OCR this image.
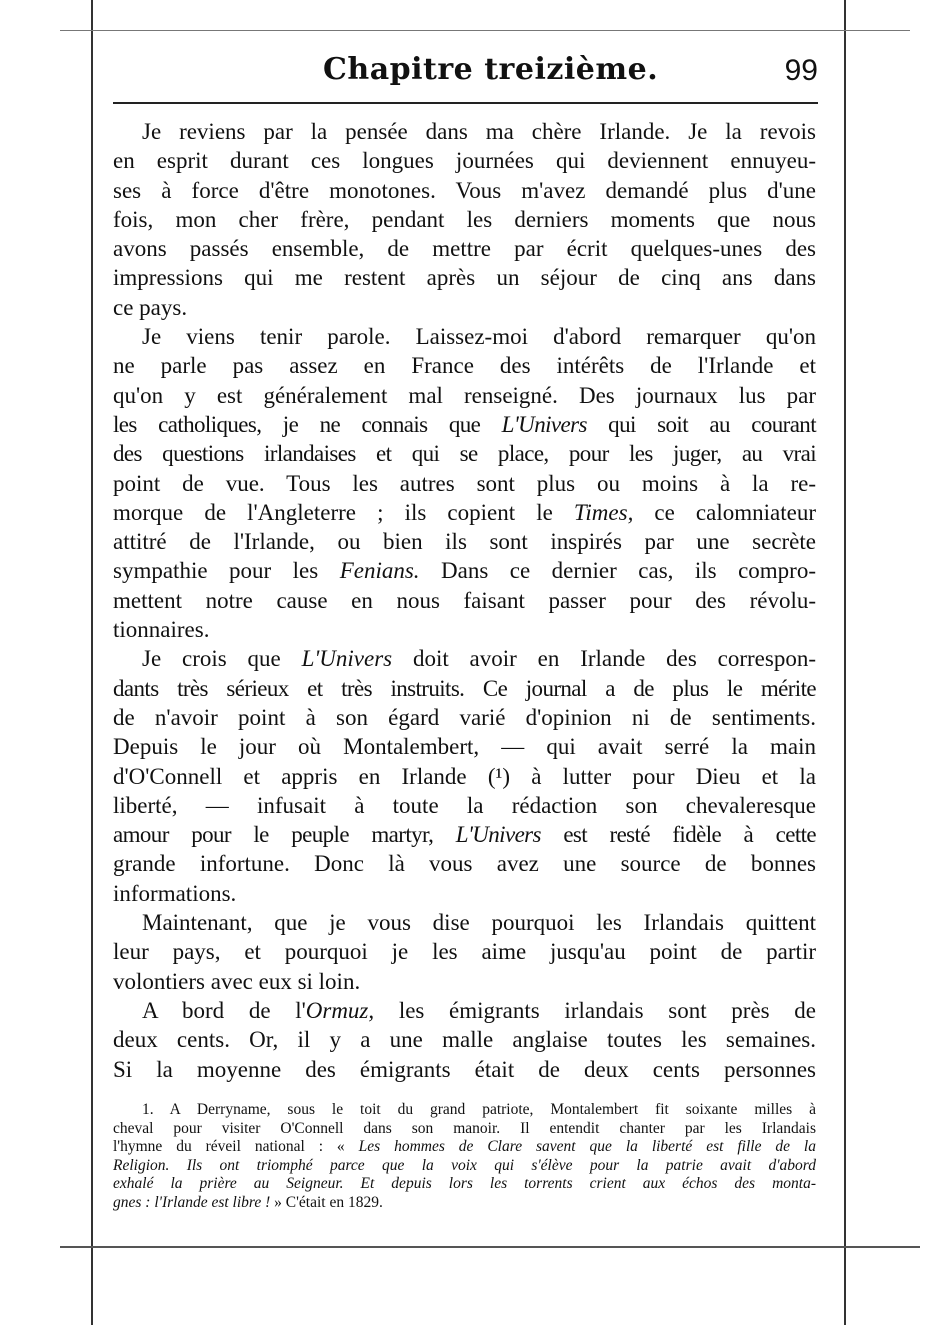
Chapitre treizième.	99
Je reviens par la pensée dans ma chère Irlande. Je la revois
en esprit durant ces longues journées qui deviennent ennuyeu-
ses à force d'être monotones. Vous m'avez demandé plus d'une
fois, mon cher frère, pendant les derniers moments que nous
avons passés ensemble, de mettre par écrit quelques-unes des
impressions qui me restent après un séjour de cinq ans dans
ce pays.
Je viens tenir parole. Laissez-moi d'abord remarquer qu'on
ne parle pas assez en France des intérêts de l'Irlande et
qu'on y est généralement mal renseigné. Des journaux lus par
les catholiques, je ne connais que L'Univers qui soit au courant
des questions irlandaises et qui se place, pour les juger, au vrai
point de vue. Tous les autres sont plus ou moins à la re-
morque de l'Angleterre ; ils copient le Times, ce calomniateur
attitré de l'Irlande, ou bien ils sont inspirés par une secrète
sympathie pour les Fenians. Dans ce dernier cas, ils compro-
mettent notre cause en nous faisant passer pour des révolu-
tionnaires.
Je crois que L'Univers doit avoir en Irlande des correspon-
dants très sérieux et très instruits. Ce journal a de plus le mérite
de n'avoir point à son égard varié d'opinion ni de sentiments.
Depuis le jour où Montalembert, — qui avait serré la main
d'O'Connell et appris en Irlande (¹) à lutter pour Dieu et la
liberté, — infusait à toute la rédaction son chevaleresque
amour pour le peuple martyr, L'Univers est resté fidèle à cette
grande infortune. Donc là vous avez une source de bonnes
informations.
Maintenant, que je vous dise pourquoi les Irlandais quittent
leur pays, et pourquoi je les aime jusqu'au point de partir
volontiers avec eux si loin.
A bord de l'Ormuz, les émigrants irlandais sont près de
deux cents. Or, il y a une malle anglaise toutes les semaines.
Si la moyenne des émigrants était de deux cents personnes
1. A Derryname, sous le toit du grand patriote, Montalembert fit soixante milles à
cheval pour visiter O'Connell dans son manoir. Il entendit chanter par les Irlandais
l'hymne du réveil national : « Les hommes de Clare savent que la liberté est fille de la
Religion. Ils ont triomphé parce que la voix qui s'élève pour la patrie avait d'abord
exhalé la prière au Seigneur. Et depuis lors les torrents crient aux échos des monta-
gnes : l'Irlande est libre ! » C'était en 1829.
